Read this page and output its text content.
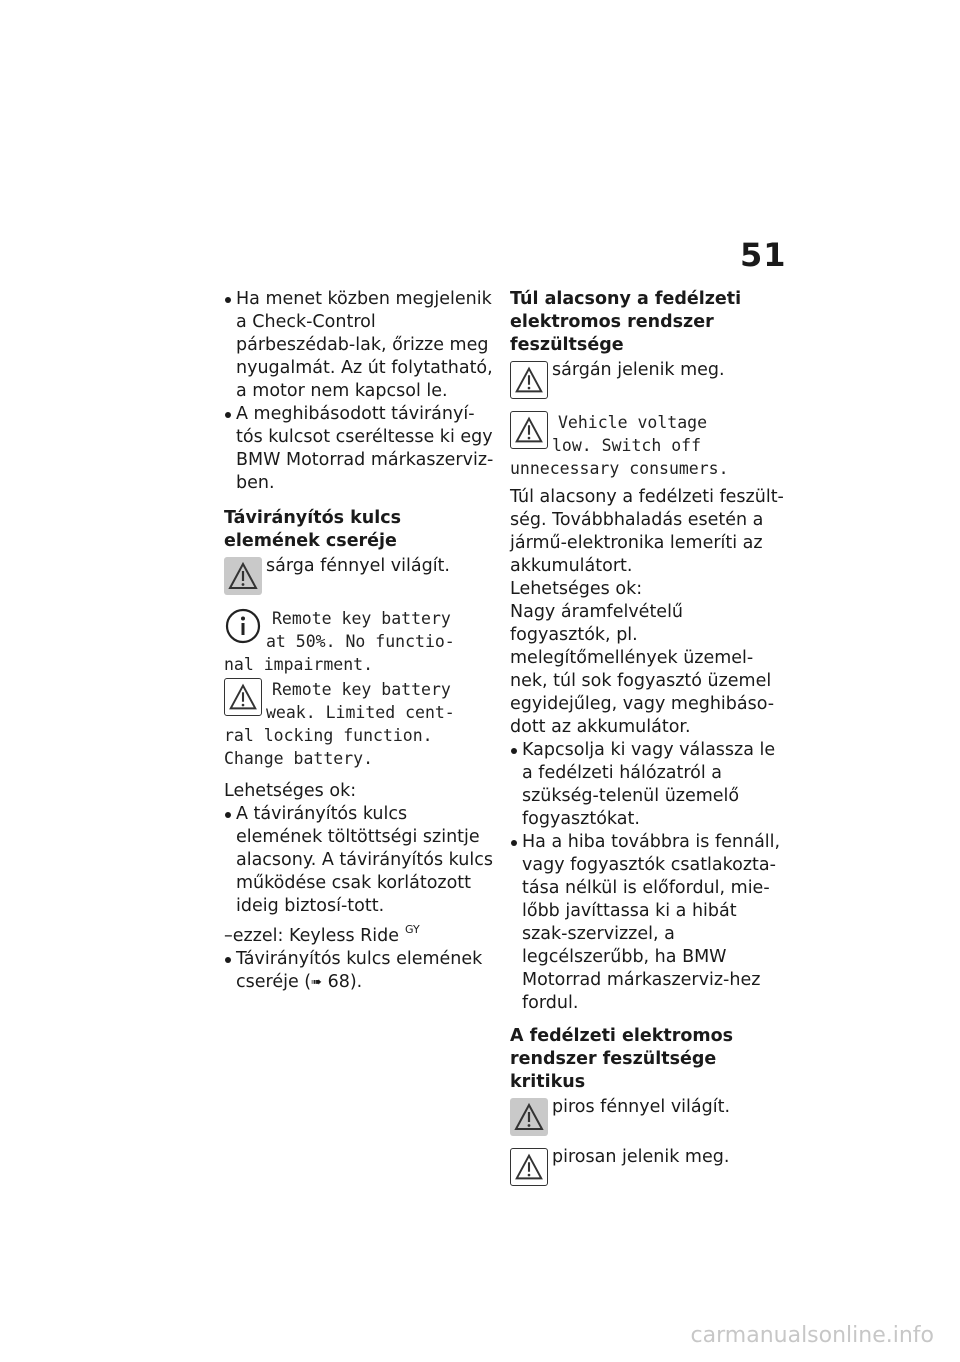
51
Ha menet közben megjelenik a Check-Control párbeszédab-lak, őrizze meg nyugalmát. Az út folytatható, a motor nem kapcsol le.
A meghibásodott távirányí-tós kulcsot cseréltesse ki egy BMW Motorrad márkaszerviz-ben.
Távirányítós kulcs elemének cseréje
sárga fénnyel világít.
Remote key battery
at 50%. No functio-
nal impairment.
Remote key battery
weak. Limited cent-
ral locking function.
Change battery.
Lehetséges ok:
A távirányítós kulcs elemének töltöttségi szintje alacsony. A távirányítós kulcs működése csak korlátozott ideig biztosí-tott.
–ezzel: Keyless Ride $^{GY}$
Távirányítós kulcs elemének cseréje (➠ 68).
Túl alacsony a fedélzeti elektromos rendszer feszültsége
sárgán jelenik meg.
Vehicle voltage
low. Switch off
unnecessary consumers.
Túl alacsony a fedélzeti feszült-ség. Továbbhaladás esetén a jármű-elektronika lemeríti az akkumulátort.
Lehetséges ok:
Nagy áramfelvételű fogyasztók, pl. melegítőmellények üzemel-nek, túl sok fogyasztó üzemel egyidejűleg, vagy meghibáso-dott az akkumulátor.
Kapcsolja ki vagy válassza le a fedélzeti hálózatról a szükség-telenül üzemelő fogyasztókat.
Ha a hiba továbbra is fennáll, vagy fogyasztók csatlakozta-tása nélkül is előfordul, mie-lőbb javíttassa ki a hibát szak-szervizzel, a legcélszerűbb, ha BMW Motorrad márkaszerviz-hez fordul.
A fedélzeti elektromos rendszer feszültsége kritikus
piros fénnyel világít.
pirosan jelenik meg.
carmanualsonline.info
